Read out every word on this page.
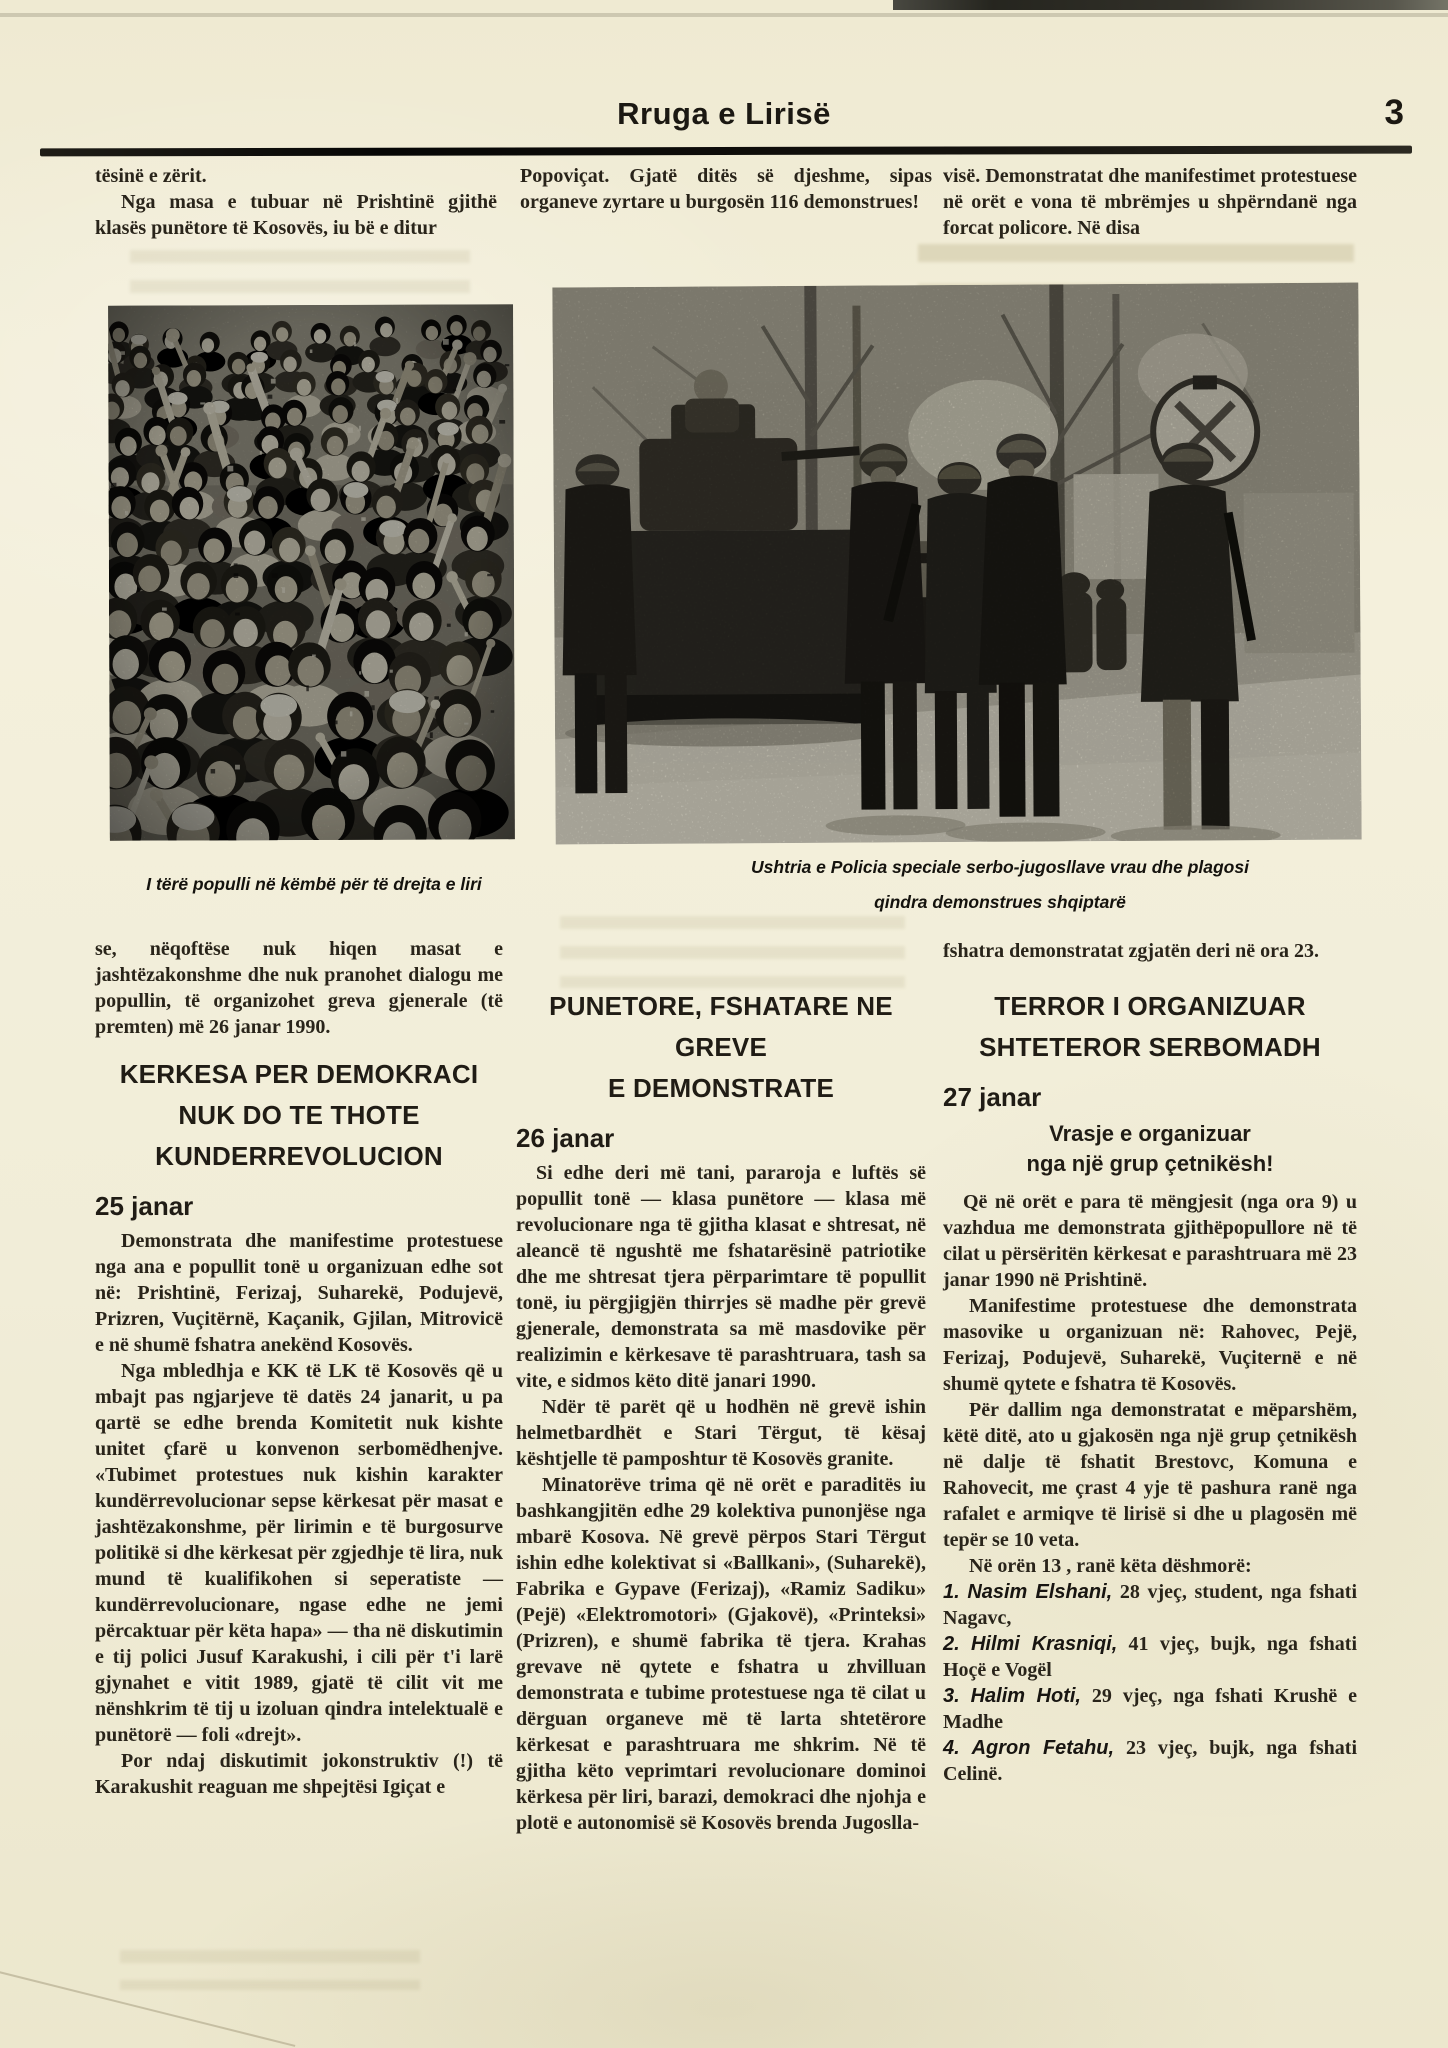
Rruga e Lirisë	3

tësinë e zërit.

Nga masa e tubuar në Prishtinë gjithë klasës punëtore të Kosovës, iu bë e ditur

Popoviçat. Gjatë ditës së djeshme, sipas organeve zyrtare u burgosën 116 demonstrues!

visë. Demonstratat dhe manifestimet protestuese në orët e vona të mbrëmjes u shpërndanë nga forcat policore. Në disa

I tërë populli në këmbë për të drejta e liri
Ushtria e Policia speciale serbo-jugosllave vrau dhe plagosi
qindra demonstrues shqiptarë

se, nëqoftëse nuk hiqen masat e jashtëzakonshme dhe nuk pranohet dialogu me popullin, të organizohet greva gjenerale (të premten) më 26 janar 1990.

KERKESA PER DEMOKRACI
NUK DO TE THOTE
KUNDERREVOLUCION
25 janar

Demonstrata dhe manifestime protestuese nga ana e popullit tonë u organizuan edhe sot në: Prishtinë, Ferizaj, Suharekë, Podujevë, Prizren, Vuçitërnë, Kaçanik, Gjilan, Mitrovicë e në shumë fshatra anekënd Kosovës.

Nga mbledhja e KK të LK të Kosovës që u mbajt pas ngjarjeve të datës 24 janarit, u pa qartë se edhe brenda Komitetit nuk kishte unitet çfarë u konvenon serbomëdhenjve. «Tubimet protestues nuk kishin karakter kundërrevolucionar sepse kërkesat për masat e jashtëzakonshme, për lirimin e të burgosurve politikë si dhe kërkesat për zgjedhje të lira, nuk mund të kualifikohen si seperatiste — kundërrevolucionare, ngase edhe ne jemi përcaktuar për këta hapa» — tha në diskutimin e tij polici Jusuf Karakushi, i cili për t'i larë gjynahet e vitit 1989, gjatë të cilit vit me nënshkrim të tij u izoluan qindra intelektualë e punëtorë — foli «drejt».

Por ndaj diskutimit jokonstruktiv (!) të Karakushit reaguan me shpejtësi Igiçat e

PUNETORE, FSHATARE NE GREVE
E DEMONSTRATE
26 janar

Si edhe deri më tani, pararoja e luftës së popullit tonë — klasa punëtore — klasa më revolucionare nga të gjitha klasat e shtresat, në aleancë të ngushtë me fshatarësinë patriotike dhe me shtresat tjera përparimtare të popullit tonë, iu përgjigjën thirrjes së madhe për grevë gjenerale, demonstrata sa më masdovike për realizimin e kërkesave të parashtruara, tash sa vite, e sidmos këto ditë janari 1990.

Ndër të parët që u hodhën në grevë ishin helmetbardhët e Stari Tërgut, të kësaj kështjelle të pamposhtur të Kosovës granite.

Minatorëve trima që në orët e paraditës iu bashkangjitën edhe 29 kolektiva punonjëse nga mbarë Kosova. Në grevë përpos Stari Tërgut ishin edhe kolektivat si «Ballkani», (Suharekë), Fabrika e Gypave (Ferizaj), «Ramiz Sadiku» (Pejë) «Elektromotori» (Gjakovë), «Printeksi» (Prizren), e shumë fabrika të tjera. Krahas grevave në qytete e fshatra u zhvilluan demonstrata e tubime protestuese nga të cilat u dërguan organeve më të larta shtetërore kërkesat e parashtruara me shkrim. Në të gjitha këto veprimtari revolucionare dominoi kërkesa për liri, barazi, demokraci dhe njohja e plotë e autonomisë së Kosovës brenda Jugoslla-

fshatra demonstratat zgjatën deri në ora 23.

TERROR I ORGANIZUAR
SHTETEROR SERBOMADH
27 janar
Vrasje e organizuar
nga një grup çetnikësh!

Që në orët e para të mëngjesit (nga ora 9) u vazhdua me demonstrata gjithëpopullore në të cilat u përsëritën kërkesat e parashtruara më 23 janar 1990 në Prishtinë.

Manifestime protestuese dhe demonstrata masovike u organizuan në: Rahovec, Pejë, Ferizaj, Podujevë, Suharekë, Vuçiternë e në shumë qytete e fshatra të Kosovës.

Për dallim nga demonstratat e mëparshëm, këtë ditë, ato u gjakosën nga një grup çetnikësh në dalje të fshatit Brestovc, Komuna e Rahovecit, me çrast 4 yje të pashura ranë nga rafalet e armiqve të lirisë si dhe u plagosën më tepër se 10 veta.

Në orën 13 , ranë këta dëshmorë:

1. Nasim Elshani, 28 vjeç, student, nga fshati Nagavc,

2. Hilmi Krasniqi, 41 vjeç, bujk, nga fshati Hoçë e Vogël

3. Halim Hoti, 29 vjeç, nga fshati Krushë e Madhe

4. Agron Fetahu, 23 vjeç, bujk, nga fshati Celinë.
